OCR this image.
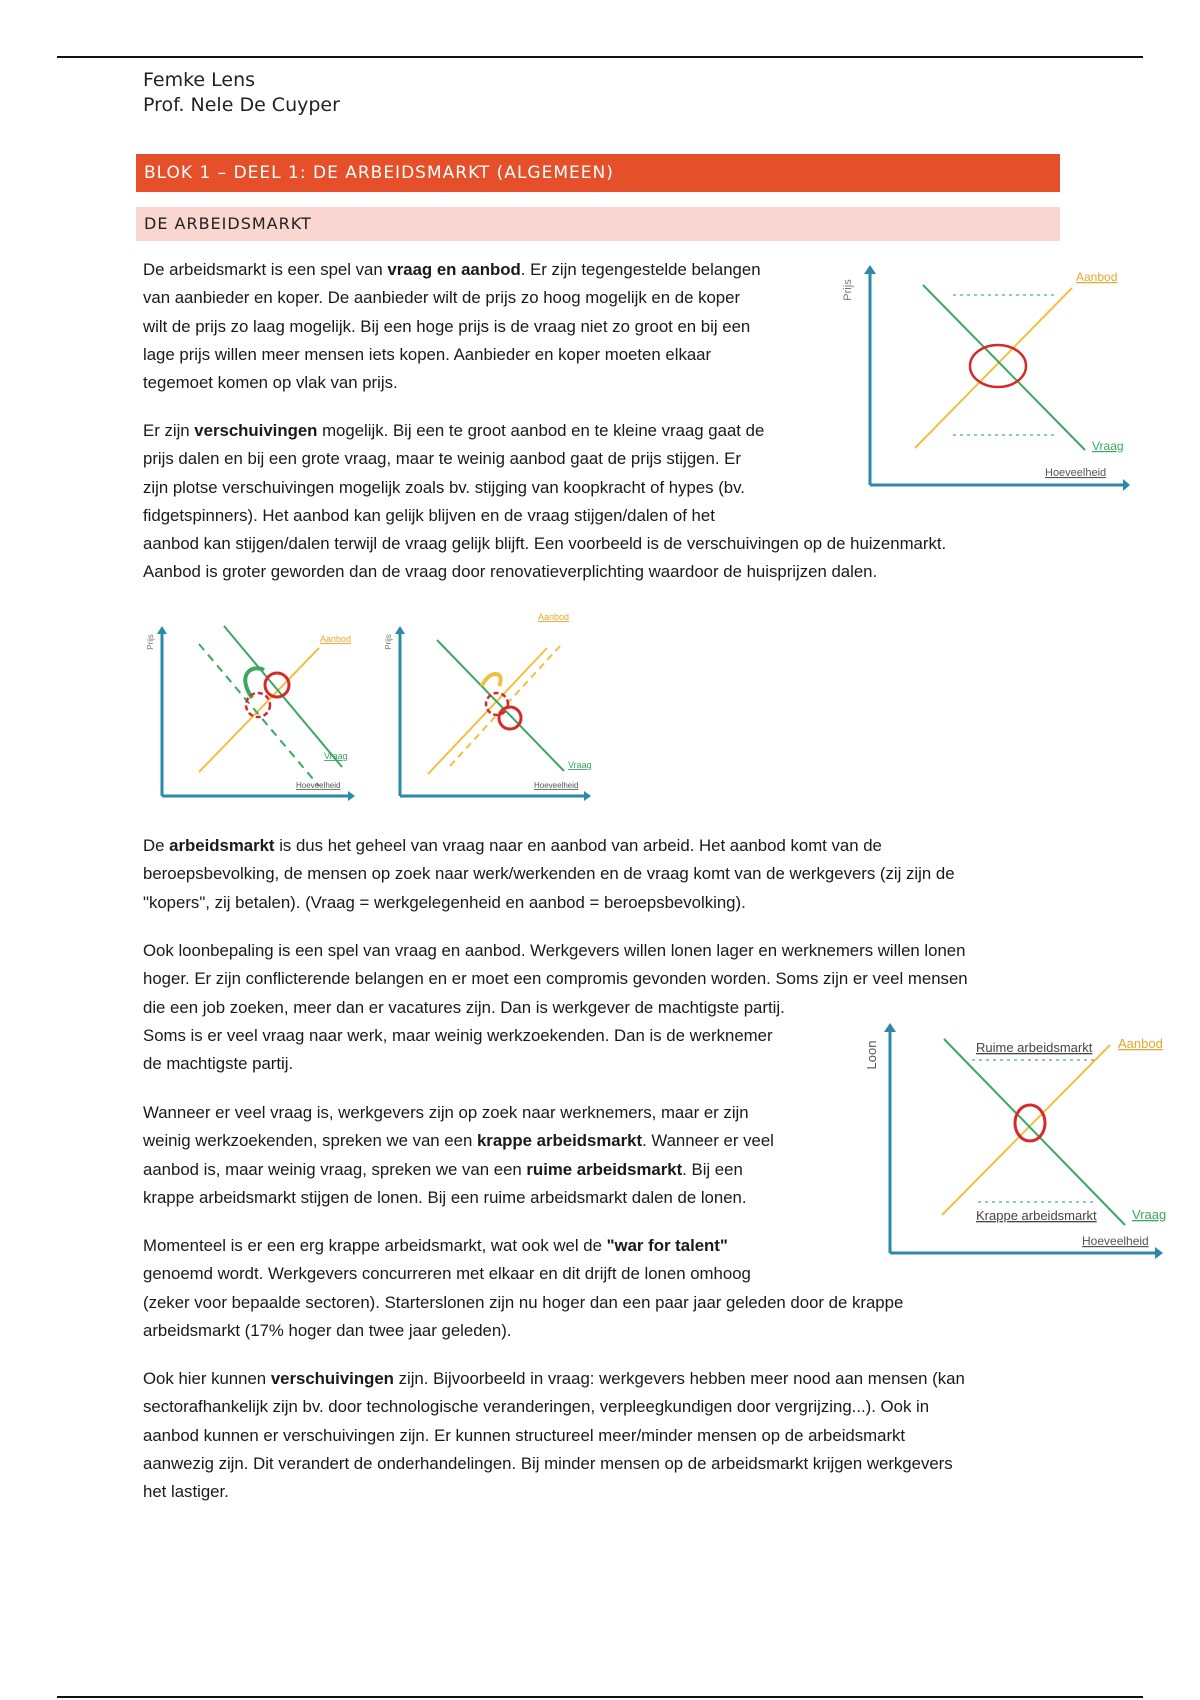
Femke Lens
Prof. Nele De Cuyper
BLOK 1 – DEEL 1: DE ARBEIDSMARKT (ALGEMEEN)
DE ARBEIDSMARKT
De arbeidsmarkt is een spel van vraag en aanbod. Er zijn tegengestelde belangen
van aanbieder en koper. De aanbieder wilt de prijs zo hoog mogelijk en de koper
wilt de prijs zo laag mogelijk. Bij een hoge prijs is de vraag niet zo groot en bij een
lage prijs willen meer mensen iets kopen. Aanbieder en koper moeten elkaar
tegemoet komen op vlak van prijs.
Er zijn verschuivingen mogelijk. Bij een te groot aanbod en te kleine vraag gaat de
prijs dalen en bij een grote vraag, maar te weinig aanbod gaat de prijs stijgen. Er
zijn plotse verschuivingen mogelijk zoals bv. stijging van koopkracht of hypes (bv.
fidgetspinners). Het aanbod kan gelijk blijven en de vraag stijgen/dalen of het
aanbod kan stijgen/dalen terwijl de vraag gelijk blijft. Een voorbeeld is de verschuivingen op de huizenmarkt.
Aanbod is groter geworden dan de vraag door renovatieverplichting waardoor de huisprijzen dalen.
Prijs
Aanbod
Vraag
Hoeveelheid
Prijs	Aanbod
Vraag
Hoeveelheid
Prijs
Aanbod
Vraag
Hoeveelheid
De arbeidsmarkt is dus het geheel van vraag naar en aanbod van arbeid. Het aanbod komt van de
beroepsbevolking, de mensen op zoek naar werk/werkenden en de vraag komt van de werkgevers (zij zijn de
"kopers", zij betalen). (Vraag = werkgelegenheid en aanbod = beroepsbevolking).
Ook loonbepaling is een spel van vraag en aanbod. Werkgevers willen lonen lager en werknemers willen lonen
hoger. Er zijn conflicterende belangen en er moet een compromis gevonden worden. Soms zijn er veel mensen
die een job zoeken, meer dan er vacatures zijn. Dan is werkgever de machtigste partij.
Soms is er veel vraag naar werk, maar weinig werkzoekenden. Dan is de werknemer
de machtigste partij.	Loon	Ruime arbeidsmarkt Aanbod
Krappe arbeidsmarkt	Vraag
Hoeveelheid
Wanneer er veel vraag is, werkgevers zijn op zoek naar werknemers, maar er zijn
weinig werkzoekenden, spreken we van een krappe arbeidsmarkt. Wanneer er veel
aanbod is, maar weinig vraag, spreken we van een ruime arbeidsmarkt. Bij een
krappe arbeidsmarkt stijgen de lonen. Bij een ruime arbeidsmarkt dalen de lonen.
Momenteel is er een erg krappe arbeidsmarkt, wat ook wel de "war for talent"
genoemd wordt. Werkgevers concurreren met elkaar en dit drijft de lonen omhoog
(zeker voor bepaalde sectoren). Starterslonen zijn nu hoger dan een paar jaar geleden door de krappe
arbeidsmarkt (17% hoger dan twee jaar geleden).
Ook hier kunnen verschuivingen zijn. Bijvoorbeeld in vraag: werkgevers hebben meer nood aan mensen (kan
sectorafhankelijk zijn bv. door technologische veranderingen, verpleegkundigen door vergrijzing...). Ook in
aanbod kunnen er verschuivingen zijn. Er kunnen structureel meer/minder mensen op de arbeidsmarkt
aanwezig zijn. Dit verandert de onderhandelingen. Bij minder mensen op de arbeidsmarkt krijgen werkgevers
het lastiger.
